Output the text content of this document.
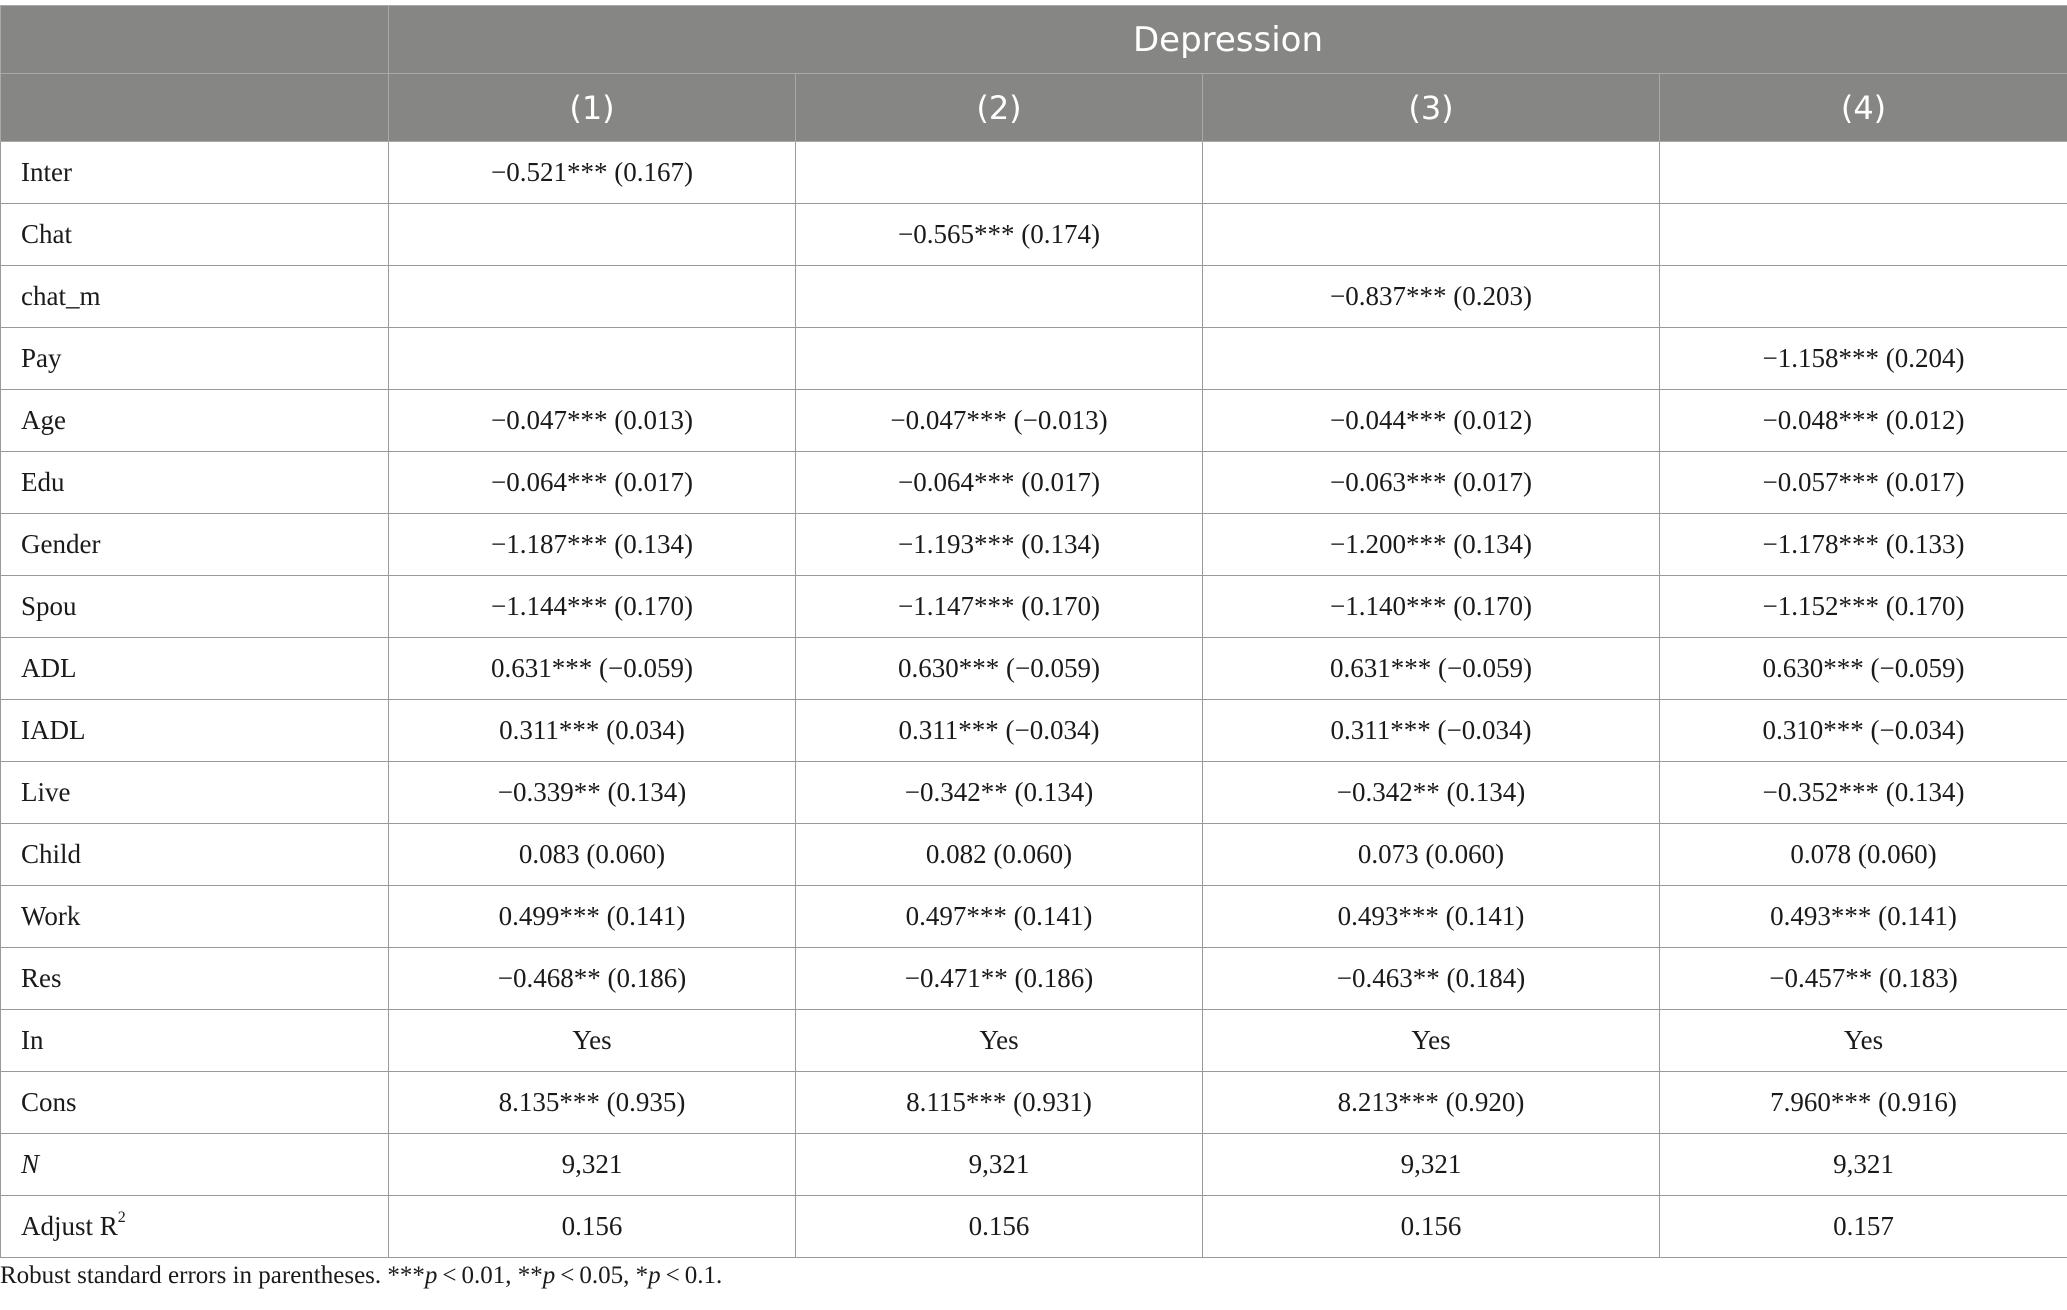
	Depression			
	(1)	(2)	(3)	(4)
Inter	−0.521*** (0.167)			
Chat		−0.565*** (0.174)		
chat_m			−0.837*** (0.203)	
Pay				−1.158*** (0.204)
Age	−0.047*** (0.013)	−0.047*** (−0.013)	−0.044*** (0.012)	−0.048*** (0.012)
Edu	−0.064*** (0.017)	−0.064*** (0.017)	−0.063*** (0.017)	−0.057*** (0.017)
Gender	−1.187*** (0.134)	−1.193*** (0.134)	−1.200*** (0.134)	−1.178*** (0.133)
Spou	−1.144*** (0.170)	−1.147*** (0.170)	−1.140*** (0.170)	−1.152*** (0.170)
ADL	0.631*** (−0.059)	0.630*** (−0.059)	0.631*** (−0.059)	0.630*** (−0.059)
IADL	0.311*** (0.034)	0.311*** (−0.034)	0.311*** (−0.034)	0.310*** (−0.034)
Live	−0.339** (0.134)	−0.342** (0.134)	−0.342** (0.134)	−0.352*** (0.134)
Child	0.083 (0.060)	0.082 (0.060)	0.073 (0.060)	0.078 (0.060)
Work	0.499*** (0.141)	0.497*** (0.141)	0.493*** (0.141)	0.493*** (0.141)
Res	−0.468** (0.186)	−0.471** (0.186)	−0.463** (0.184)	−0.457** (0.183)
In	Yes	Yes	Yes	Yes
Cons	8.135*** (0.935)	8.115*** (0.931)	8.213*** (0.920)	7.960*** (0.916)
N	9,321	9,321	9,321	9,321
Adjust $R^2$	0.156	0.156	0.156	0.157
Robust standard errors in parentheses. ***p < 0.01, **p < 0.05, *p < 0.1.
